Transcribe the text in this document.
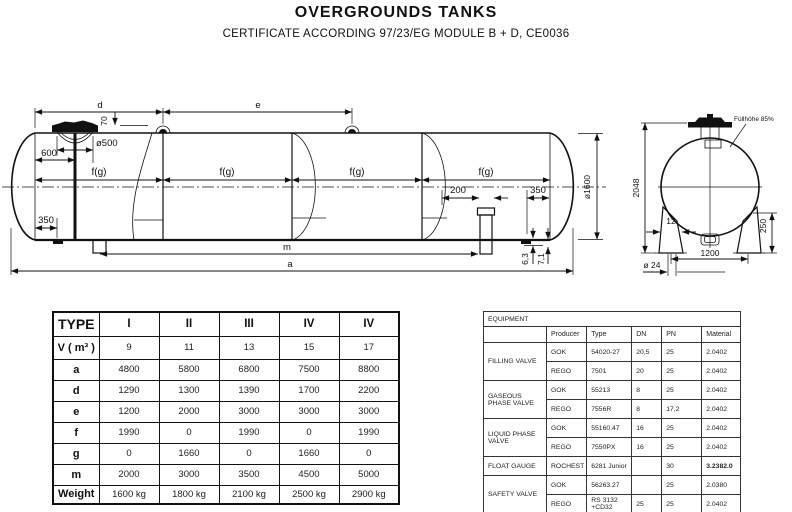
OVERGROUNDS TANKS
CERTIFICATE ACCORDING 97/23/EG MODULE B + D, CE0036
d	e
70
ø500
600
f(g)	f(g)	f(g)	f(g)
350
200	350	ø1600
6,3 7,1
m
a
Füllhöhe 85%
2048
12	250
1200
ø 24
TYPE	I	II	III	IV	IV
V ( m³ )	9	11	13	15	17
a	4800	5800	6800	7500	8800
d	1290	1300	1390	1700	2200
e	1200	2000	3000	3000	3000
f	1990	0	1990	0	1990
g	0	1660	0	1660	0
m	2000	3000	3500	4500	5000
Weight	1600 kg	1800 kg	2100 kg	2500 kg	2900 kg
EQUIPMENT					
	Producer	Type	DN	PN	Material
FILLING VALVE	GOK	54020-27	20,5	25	2.0402
	REGO	7501	20	25	2.0402
GASEOUS PHASE VALVE	GOK	55213	8	25	2.0402
	REGO	7556R	8	17,2	2.0402
LIQUID PHASE VALVE	GOK	55160.47	16	25	2.0402
	REGO	7550PX	16	25	2.0402
FLOAT GAUGE	ROCHEST	6281 Junior		30	3.2382.0
SAFETY VALVE	GOK	56263.27		25	2.0380
	REGO	RS 3132 +CD32	25	25	2.0402
